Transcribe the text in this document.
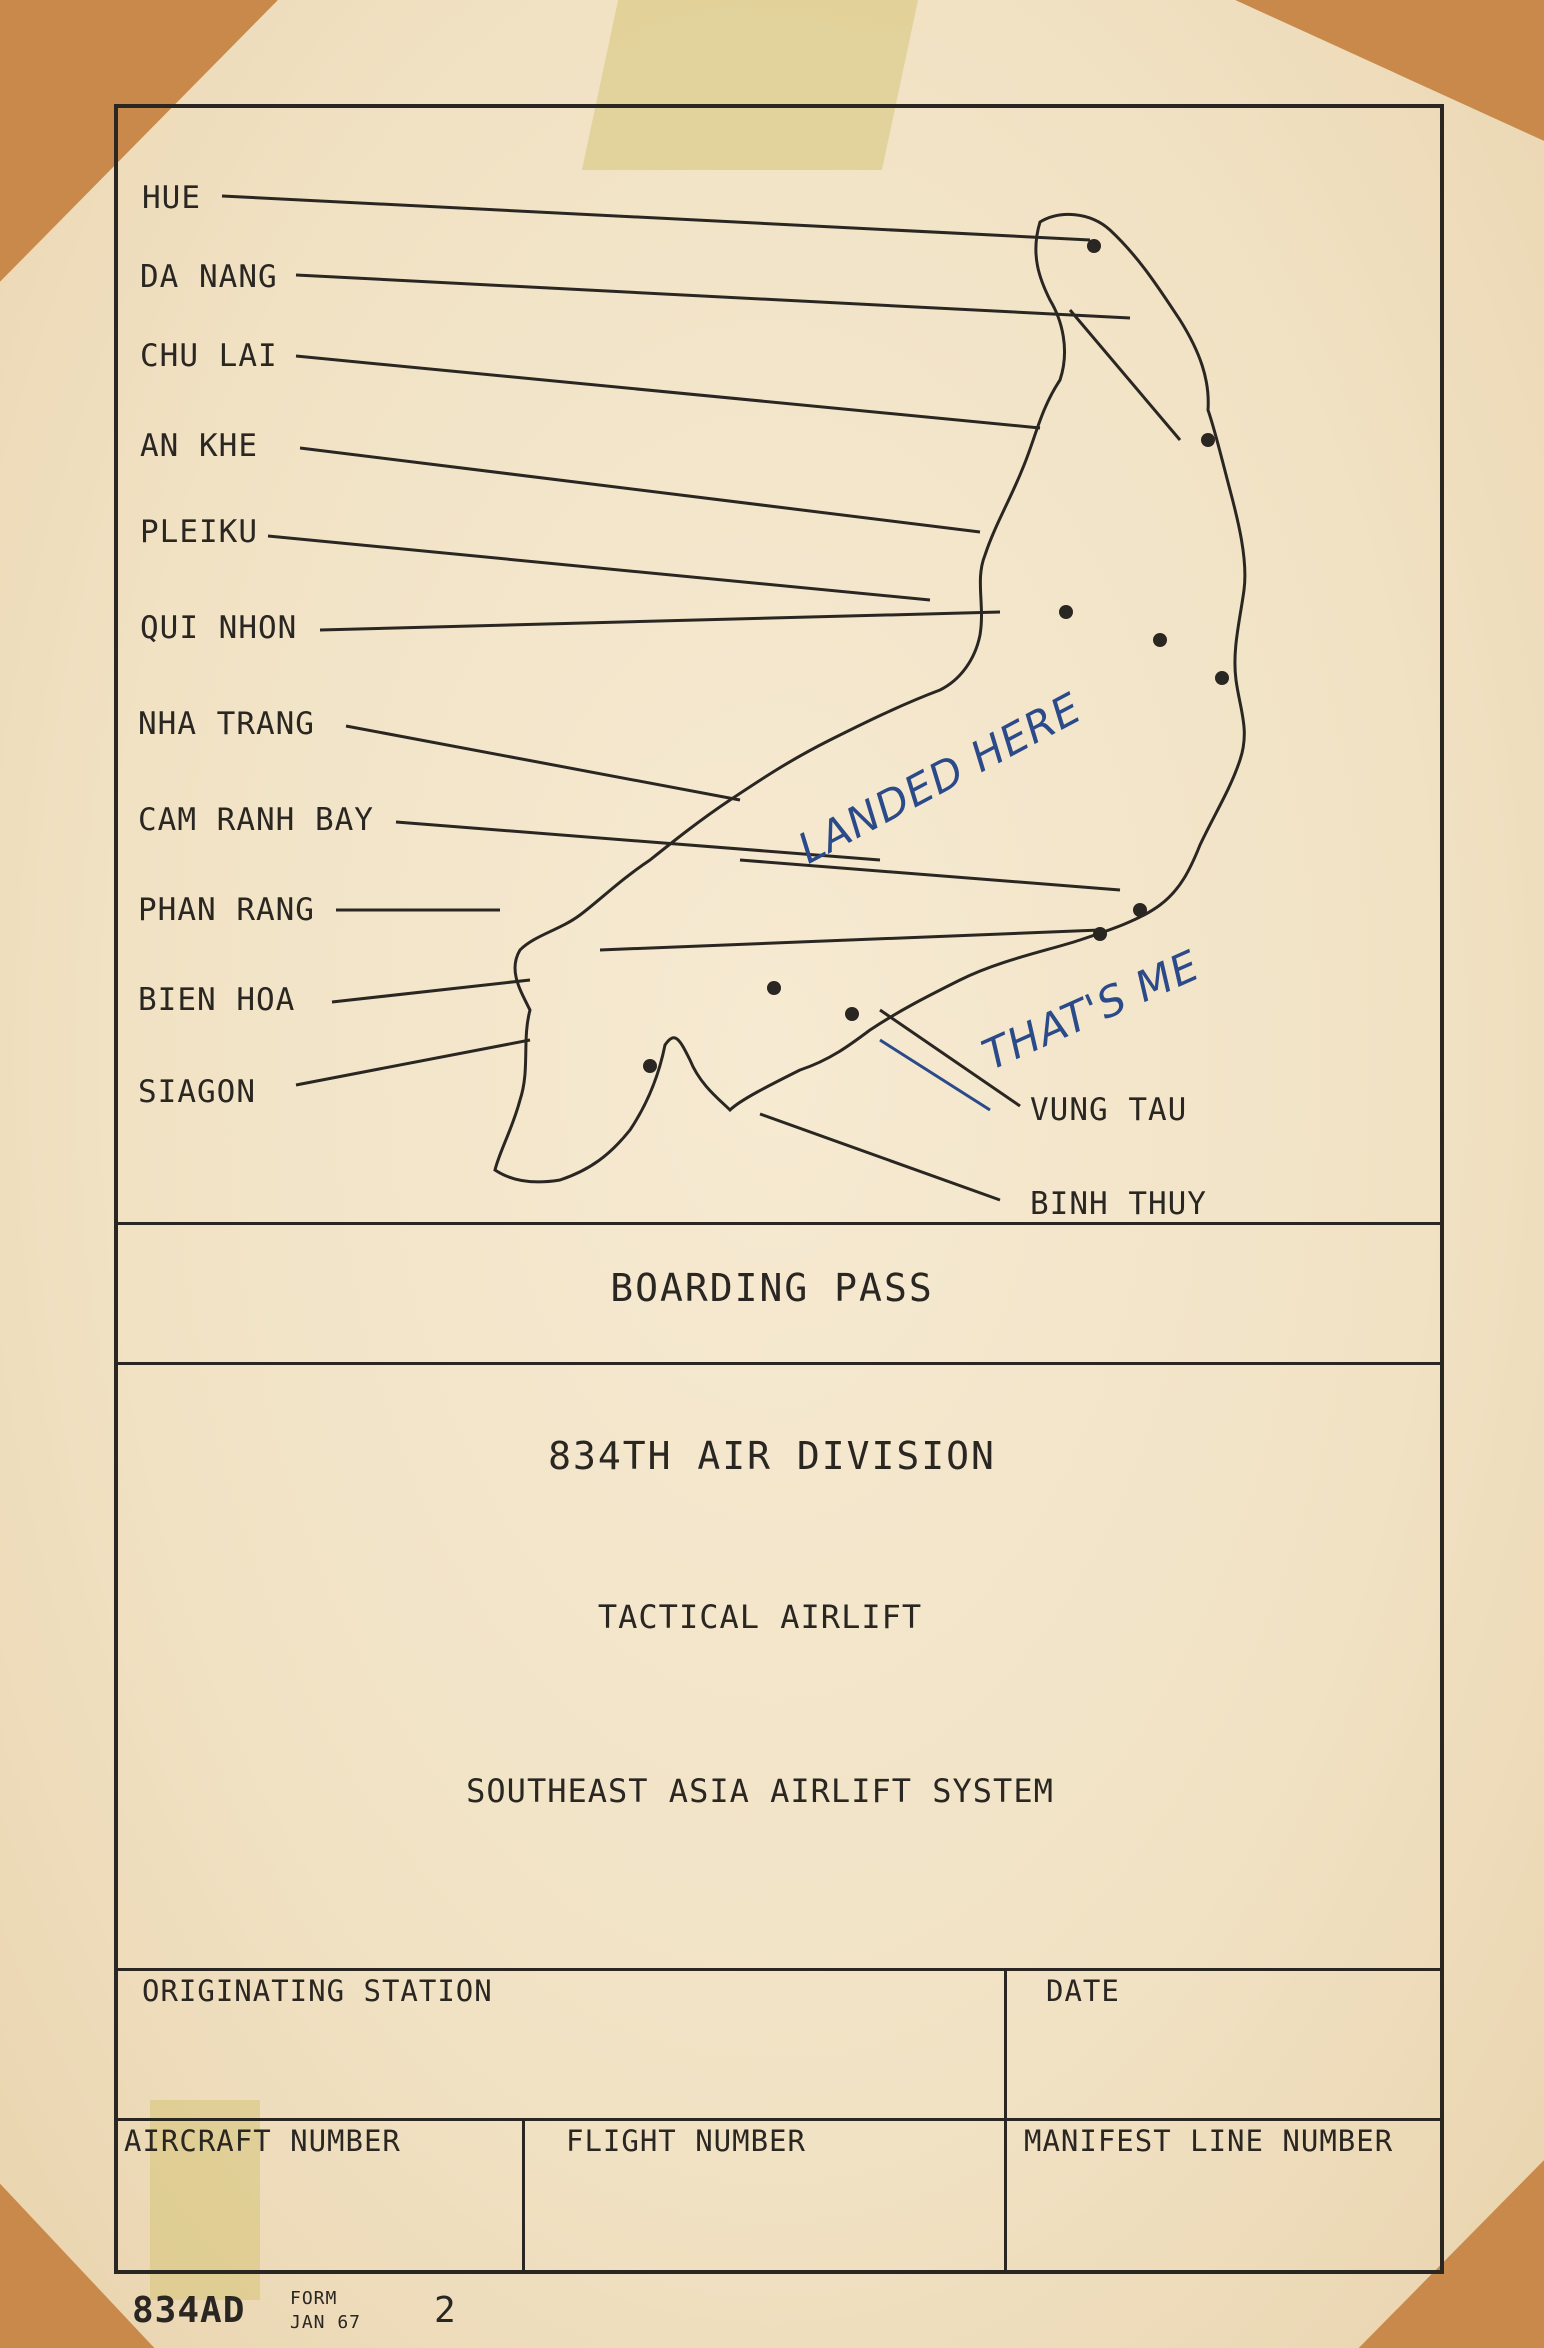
HUE
DA NANG
CHU LAI
AN KHE
PLEIKU
QUI NHON
NHA TRANG
CAM RANH BAY
PHAN RANG
BIEN HOA
SIAGON	VUNG TAU
BINH THUY
LANDED HERE
THAT'S ME
BOARDING PASS
834TH AIR DIVISION
TACTICAL AIRLIFT
SOUTHEAST ASIA AIRLIFT SYSTEM
ORIGINATING STATION	DATE
AIRCRAFT NUMBER	FLIGHT NUMBER	MANIFEST LINE NUMBER
834AD FORM
JAN 67 2
